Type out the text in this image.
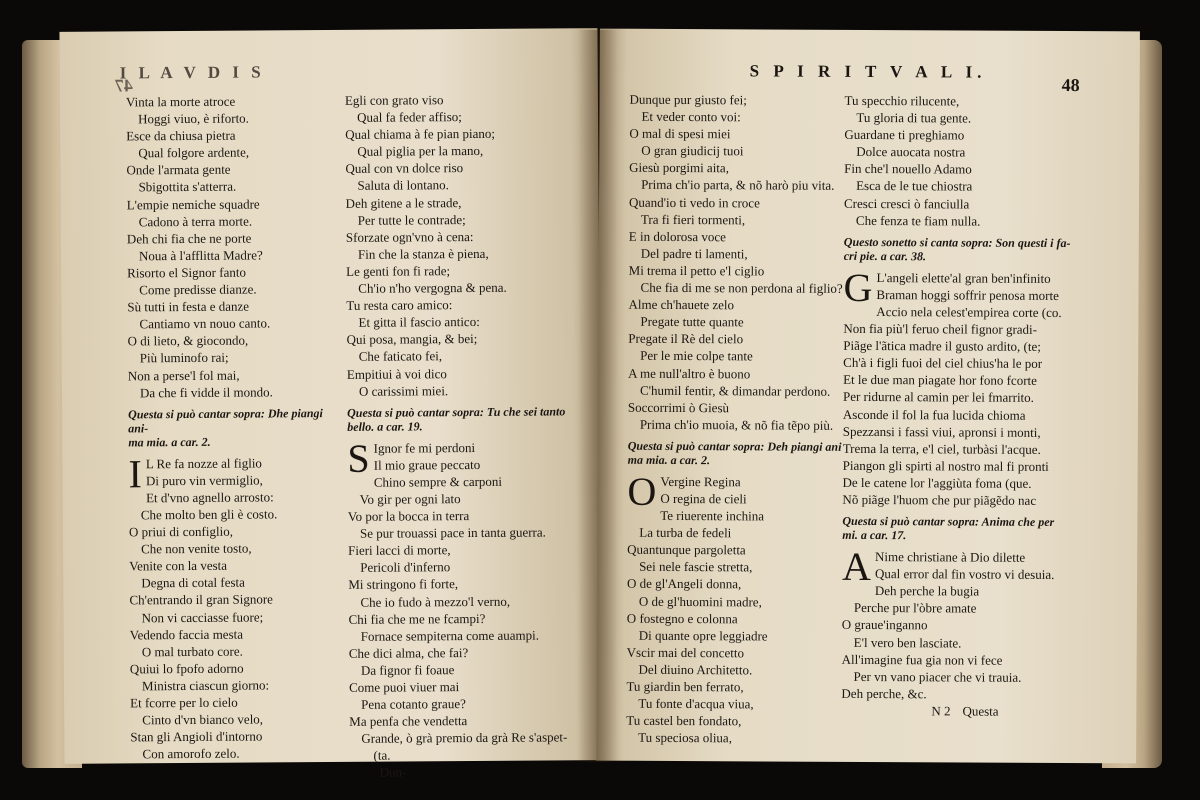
47
I L A V D I S
Vinta la morte atroce
Hoggi viuo, è riforto.
Esce da chiusa pietra
Qual folgore ardente,
Onde l'armata gente
Sbigottita s'atterra.
L'empie nemiche squadre
Cadono à terra morte.
Deh chi fia che ne porte
Noua à l'afflitta Madre?
Risorto el Signor fanto
Come predisse dianze.
Sù tutti in festa e danze
Cantiamo vn nouo canto.
O di lieto, & giocondo,
Più luminofo rai;
Non a perse'l fol mai,
Da che fi vidde il mondo.
Questa si può cantar sopra: Dhe piangi ani-
ma mia. a car. 2.
I L Re fa nozze al figlio
Di puro vin vermiglio,
Et d'vno agnello arrosto:
Che molto ben gli è costo.
O priui di configlio,
Che non venite tosto,
Venite con la vesta
Degna di cotal festa
Ch'entrando il gran Signore
Non vi cacciasse fuore;
Vedendo faccia mesta
O mal turbato core.
Quiui lo fpofo adorno
Ministra ciascun giorno:
Et fcorre per lo cielo
Cinto d'vn bianco velo,
Stan gli Angioli d'intorno
Con amorofo zelo.
Egli con grato viso
Qual fa feder affiso;
Qual chiama à fe pian piano;
Qual piglia per la mano,
Qual con vn dolce riso
Saluta di lontano.
Deh gitene a le strade,
Per tutte le contrade;
Sforzate ogn'vno à cena:
Fin che la stanza è piena,
Le genti fon fi rade;
Ch'io n'ho vergogna & pena.
Tu resta caro amico:
Et gitta il fascio antico:
Qui posa, mangia, & bei;
Che faticato fei,
Empitiui à voi dico
O carissimi miei.
Questa si può cantar sopra: Tu che sei tanto
bello. a car. 19.
S Ignor fe mi perdoni
Il mio graue peccato
Chino sempre & carponi
Vo gir per ogni lato
Vo por la bocca in terra
Se pur trouassi pace in tanta guerra.
Fieri lacci di morte,
Pericoli d'inferno
Mi stringono fi forte,
Che io fudo à mezzo'l verno,
Chi fia che me ne fcampi?
Fornace sempiterna come auampi.
Che dici alma, che fai?
Da fignor fi foaue
Come puoi viuer mai
Pena cotanto graue?
Ma penfa che vendetta
Grande, ò grà premio da grà Re s'aspet-
(ta.
Dun-
S P I R I T V A L I.
48
Dunque pur giusto fei;
Et veder conto voi:
O mal di spesi miei
O gran giudicij tuoi
Giesù porgimi aita,
Prima ch'io parta, & nõ harò piu vita.
Quand'io ti vedo in croce
Tra fi fieri tormenti,
E in dolorosa voce
Del padre ti lamenti,
Mi trema il petto e'l ciglio
Che fia di me se non perdona al figlio?
Alme ch'hauete zelo
Pregate tutte quante
Pregate il Rè del cielo
Per le mie colpe tante
A me null'altro è buono
C'humil fentir, & dimandar perdono.
Soccorrimi ò Giesù
Prima ch'io muoia, & nõ fia tẽpo più.
Questa si può cantar sopra: Deh piangi ani
ma mia. a car. 2.
O Vergine Regina
O regina de cieli
Te riuerente inchina
La turba de fedeli
Quantunque pargoletta
Sei nele fascie stretta,
O de gl'Angeli donna,
O de gl'huomini madre,
O fostegno e colonna
Di quante opre leggiadre
Vscir mai del concetto
Del diuino Architetto.
Tu giardin ben ferrato,
Tu fonte d'acqua viua,
Tu castel ben fondato,
Tu speciosa oliua,
Tu specchio rilucente,
Tu gloria di tua gente.
Guardane ti preghiamo
Dolce auocata nostra
Fin che'l nouello Adamo
Esca de le tue chiostra
Cresci cresci ò fanciulla
Che fenza te fiam nulla.
Questo sonetto si canta sopra: Son questi i fa-
cri pie. a car. 38.
G L'angeli elette'al gran ben'infinito
Braman hoggi soffrir penosa morte
Accio nela celest'empirea corte (co.
Non fia più'l feruo cheil fignor gradi-
Piãge l'ãtica madre il gusto ardito, (te;
Ch'à i figli fuoi del ciel chius'ha le por
Et le due man piagate hor fono fcorte
Per ridurne al camin per lei fmarrito.
Asconde il fol la fua lucida chioma
Spezzansi i fassi viui, apronsi i monti,
Trema la terra, e'l ciel, turbàsi l'acque.
Piangon gli spirti al nostro mal fi pronti
De le catene lor l'aggiùta foma (que.
Nõ piãge l'huom che pur piãgẽdo nac
Questa si può cantar sopra: Anima che per
mi. a car. 17.
A Nime christiane à Dio dilette
Qual error dal fin vostro vi desuia.
Deh perche la bugia
Perche pur l'òbre amate
O graue'inganno
E'l vero ben lasciate.
All'imagine fua gia non vi fece
Per vn vano piacer che vi trauia.
Deh perche, &c.
N 2 Questa
